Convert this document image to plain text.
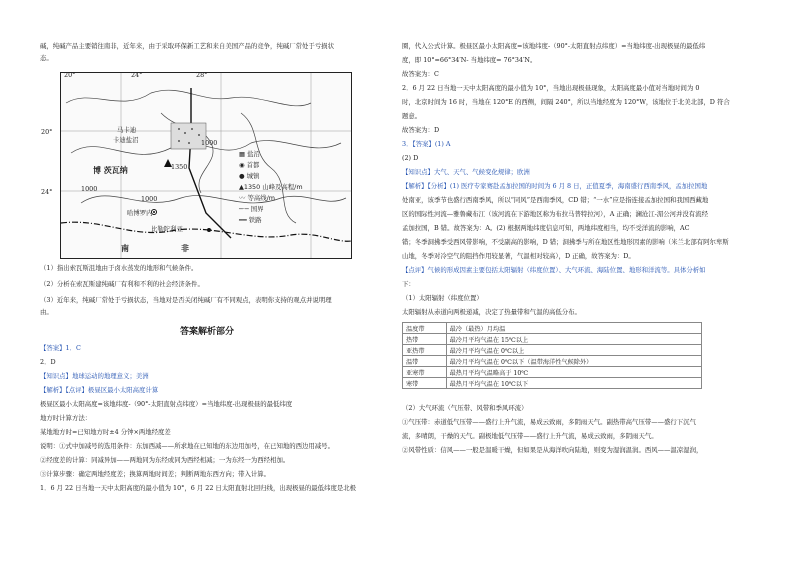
碱，纯碱产品主要销往南非，近年来，由于采取环保新工艺和来自美国产品的竞争，纯碱厂常处于亏损状
态。
20°
24°
20°	24°	28°
马卡迪
卡迪盐沼
博 茨瓦纳
哈博罗内
比勒陀利亚
南	非
1000
1000
1000
1350
▦ 盐沼
◉ 首都
● 城镇
▲1350 山峰及高程/m
〰 等高线/m
─·─ 国界
━━ 铁路
（1）指出索瓦斯沮地由于卤水蒸发的地形和气候条件。
（2）分析在索瓦斯建纯碱厂有利和不利的社会经济条件。
（3）近年来，纯碱厂常处于亏损状态，当地对是否关闭纯碱厂有不同观点，表明你支持的观点并说明理
由。
答案解析部分
【答案】1．C
2．D
【知识点】地球运动的地理意义；美洲
【解析】【点评】极昼区最小太阳高度计算
极昼区最小太阳高度=该地纬度-（90°-太阳直射点纬度）=当地纬度-出现极昼的最低纬度
地方时计算方法：
某地地方时=已知地方时±4 分钟×两地经度差
说明：①式中加减号的选用条件：东加西减——所求地在已知地的东边用加号，在已知地的西边用减号。
②经度差的计算：同减异加——两地同为东经或同为西经相减；一为东经一为西经相加。
③计算步骤：确定两地经度差；换算两地时间差；判断两地东西方向；带入计算。
1．6 月 22 日当地一天中太阳高度的最小值为 10°，6 月 22 日太阳直射北回归线，出现极昼的最低纬度是北极
圈，代入公式计算。极昼区最小太阳高度=该地纬度-（90°-太阳直射点纬度）=当地纬度-出现极昼的最低纬
度，即 10°=66°34′N- 当地纬度= 76°34′N。
故答案为：C
2．6 月 22 日当地一天中太阳高度的最小值为 10°，当地出现极昼现象，太阳高度最小值对当地时间为 0
时，北京时间为 16 时，当地在 120°E 的西侧，间隔 240°，所以当地经度为 120°W，该地位于北美北部，D 符合
题意。
故答案为：D
3．【答案】(1) A
(2) D
【知识点】大气、天气、气候变化规律；欧洲
【解析】【分析】(1) 医疗专家赛赴孟加拉国的时间为 6 月 8 日，正值夏季，海南盛行西南季风，孟加拉国地
处南亚，该季节也盛行西南季风，所以“同风”是西南季风，CD 错；“一水”应是指连接孟加拉国和我国西藏地
区的国际性河流—雅鲁藏布江（该河流在下游地区称为布拉马普特拉河），A 正确；澜沧江-湄公河并没有流经
孟加拉国，B 错。故答案为：A。(2) 根据两地纬度信息可知，两地纬度相当，均不受洋流的影响，AC
错；冬季洞拂季受西风带影响，不受副高的影响，D 错；洞拂季与所在地区性地形因素的影响（米兰北部有阿尔卑斯
山地，冬季对冷空气的阻挡作用较显著，气温相对较高），D 正确，故答案为：D。
【点评】气候的形成因素主要包括太阳辐射（纬度位置）、大气环流、海陆位置、地形和洋流等。具体分析如
下：
（1）太阳辐射（纬度位置）
太阳辐射从赤道向两极递减，决定了热量带和气温的高低分布。
温度带	最冷（最热）月均温
热带	最冷月平均气温在 15℃以上
亚热带	最冷月平均气温在 0℃以上
温带	最冷月平均气温在 0℃以下（温带海洋性气候除外）
亚寒带	最热月平均气温略高于 10℃
寒带	最热月平均气温在 10℃以下
（2）大气环流（气压带、风带和季风环流）
①气压带：赤道低气压带——盛行上升气流，易成云致雨，多阴雨天气。副热带高气压带——盛行下沉气
流，多晴朗，干燥的天气。副极地低气压带——盛行上升气流，易成云致雨，多阴雨天气。
②风带性质：信风——一般是温暖干燥，但如果是从海洋吹向陆地，则变为湿润温润。西风——温凉湿润，
